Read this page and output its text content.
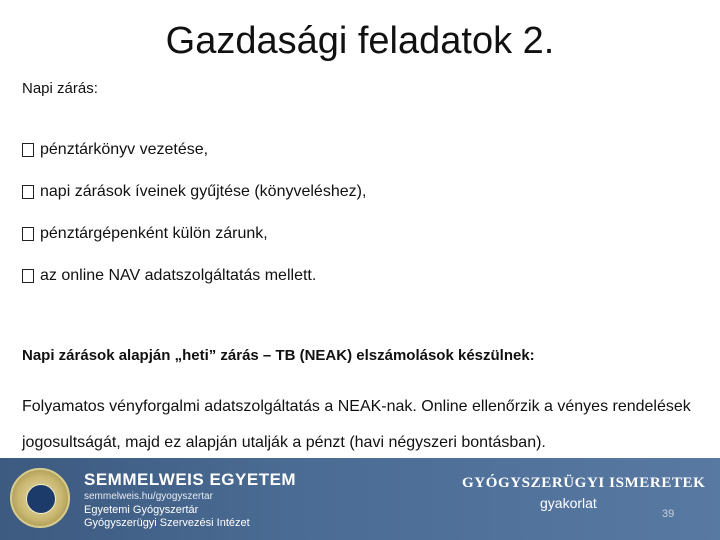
Gazdasági feladatok 2.
Napi zárás:
pénztárkönyv vezetése,
napi zárások íveinek gyűjtése (könyveléshez),
pénztárgépenként külön zárunk,
az online NAV adatszolgáltatás mellett.
Napi zárások alapján „heti” zárás – TB (NEAK) elszámolások készülnek:
Folyamatos vényforgalmi adatszolgáltatás a NEAK-nak. Online ellenőrzik a vényes rendelések jogosultságát, majd ez alapján utalják a pénzt (havi négyszeri bontásban).
SEMMELWEIS EGYETEM
semmelweis.hu/gyogyszertar
Egyetemi Gyógyszertár
Gyógyszerügyi Szervezési Intézet
GYÓGYSZERÜGYI ISMERETEK
gyakorlat
39
